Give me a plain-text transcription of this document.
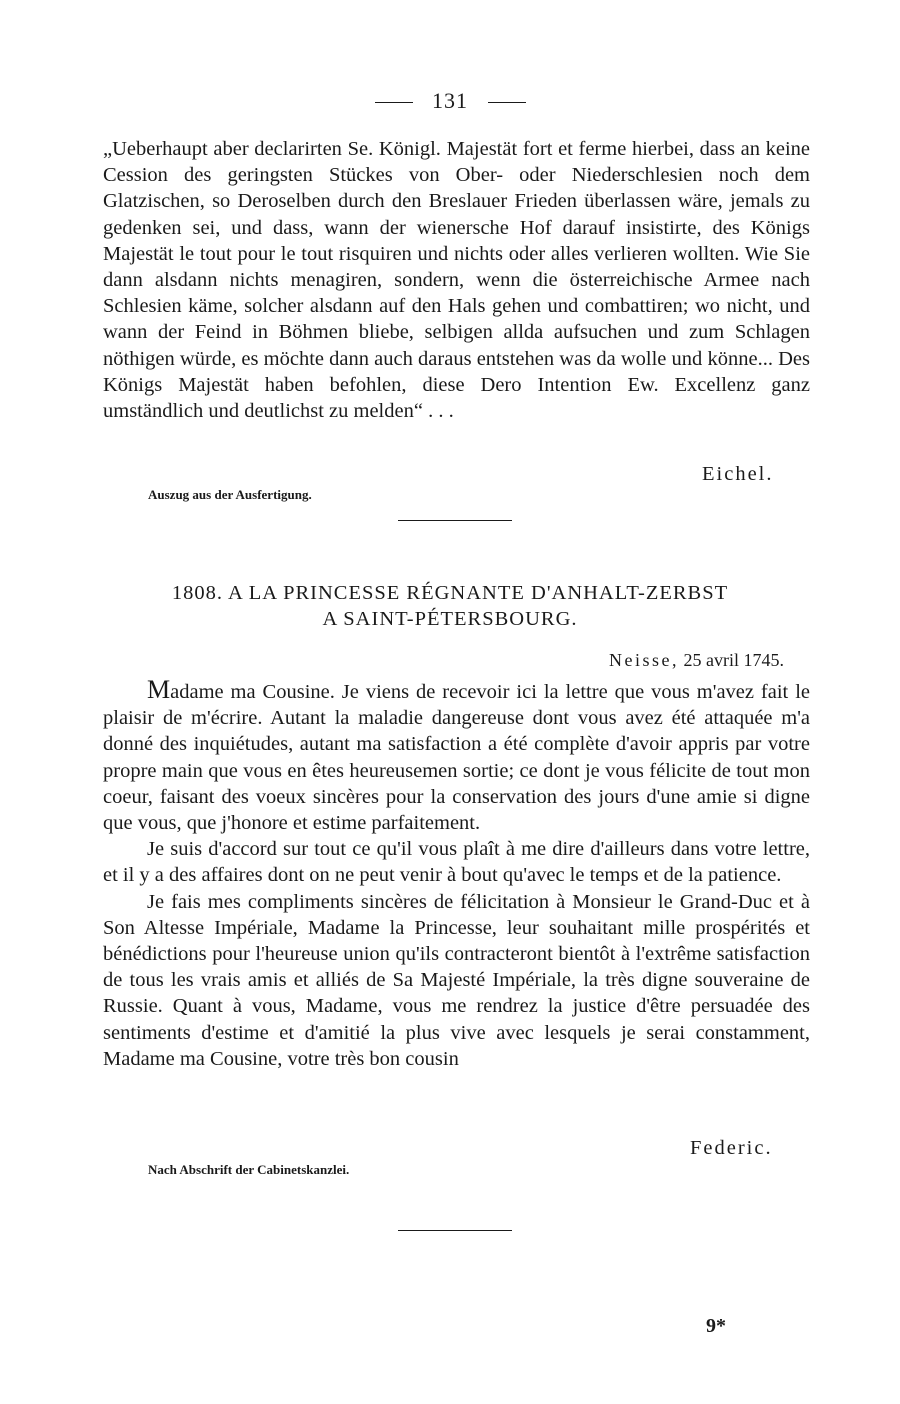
131

„Ueberhaupt aber declarirten Se. Königl. Majestät fort et ferme hierbei, dass an keine Cession des geringsten Stückes von Ober- oder Niederschlesien noch dem Glatzischen, so Deroselben durch den Breslauer Frieden überlassen wäre, jemals zu gedenken sei, und dass, wann der wienersche Hof darauf insistirte, des Königs Majestät le tout pour le tout risquiren und nichts oder alles verlieren wollten. Wie Sie dann alsdann nichts menagiren, sondern, wenn die österreichische Armee nach Schlesien käme, solcher alsdann auf den Hals gehen und combattiren; wo nicht, und wann der Feind in Böhmen bliebe, selbigen allda aufsuchen und zum Schlagen nöthigen würde, es möchte dann auch daraus entstehen was da wolle und könne... Des Königs Majestät haben befohlen, diese Dero Intention Ew. Excellenz ganz umständlich und deutlichst zu melden“ . . .

Eichel.
Auszug aus der Ausfertigung.
1808. A LA PRINCESSE RÉGNANTE D'ANHALT-ZERBST
A SAINT-PÉTERSBOURG.
Neisse, 25 avril 1745.

Madame ma Cousine. Je viens de recevoir ici la lettre que vous m'avez fait le plaisir de m'écrire. Autant la maladie dangereuse dont vous avez été attaquée m'a donné des inquiétudes, autant ma satisfaction a été complète d'avoir appris par votre propre main que vous en êtes heureusemen sortie; ce dont je vous félicite de tout mon coeur, faisant des voeux sincères pour la conservation des jours d'une amie si digne que vous, que j'honore et estime parfaitement.

Je suis d'accord sur tout ce qu'il vous plaît à me dire d'ailleurs dans votre lettre, et il y a des affaires dont on ne peut venir à bout qu'avec le temps et de la patience.

Je fais mes compliments sincères de félicitation à Monsieur le Grand-Duc et à Son Altesse Impériale, Madame la Princesse, leur souhaitant mille prospérités et bénédictions pour l'heureuse union qu'ils contracteront bientôt à l'extrême satisfaction de tous les vrais amis et alliés de Sa Majesté Impériale, la très digne souveraine de Russie. Quant à vous, Madame, vous me rendrez la justice d'être persuadée des sentiments d'estime et d'amitié la plus vive avec lesquels je serai constamment, Madame ma Cousine, votre très bon cousin

Federic.
Nach Abschrift der Cabinetskanzlei.
9*
